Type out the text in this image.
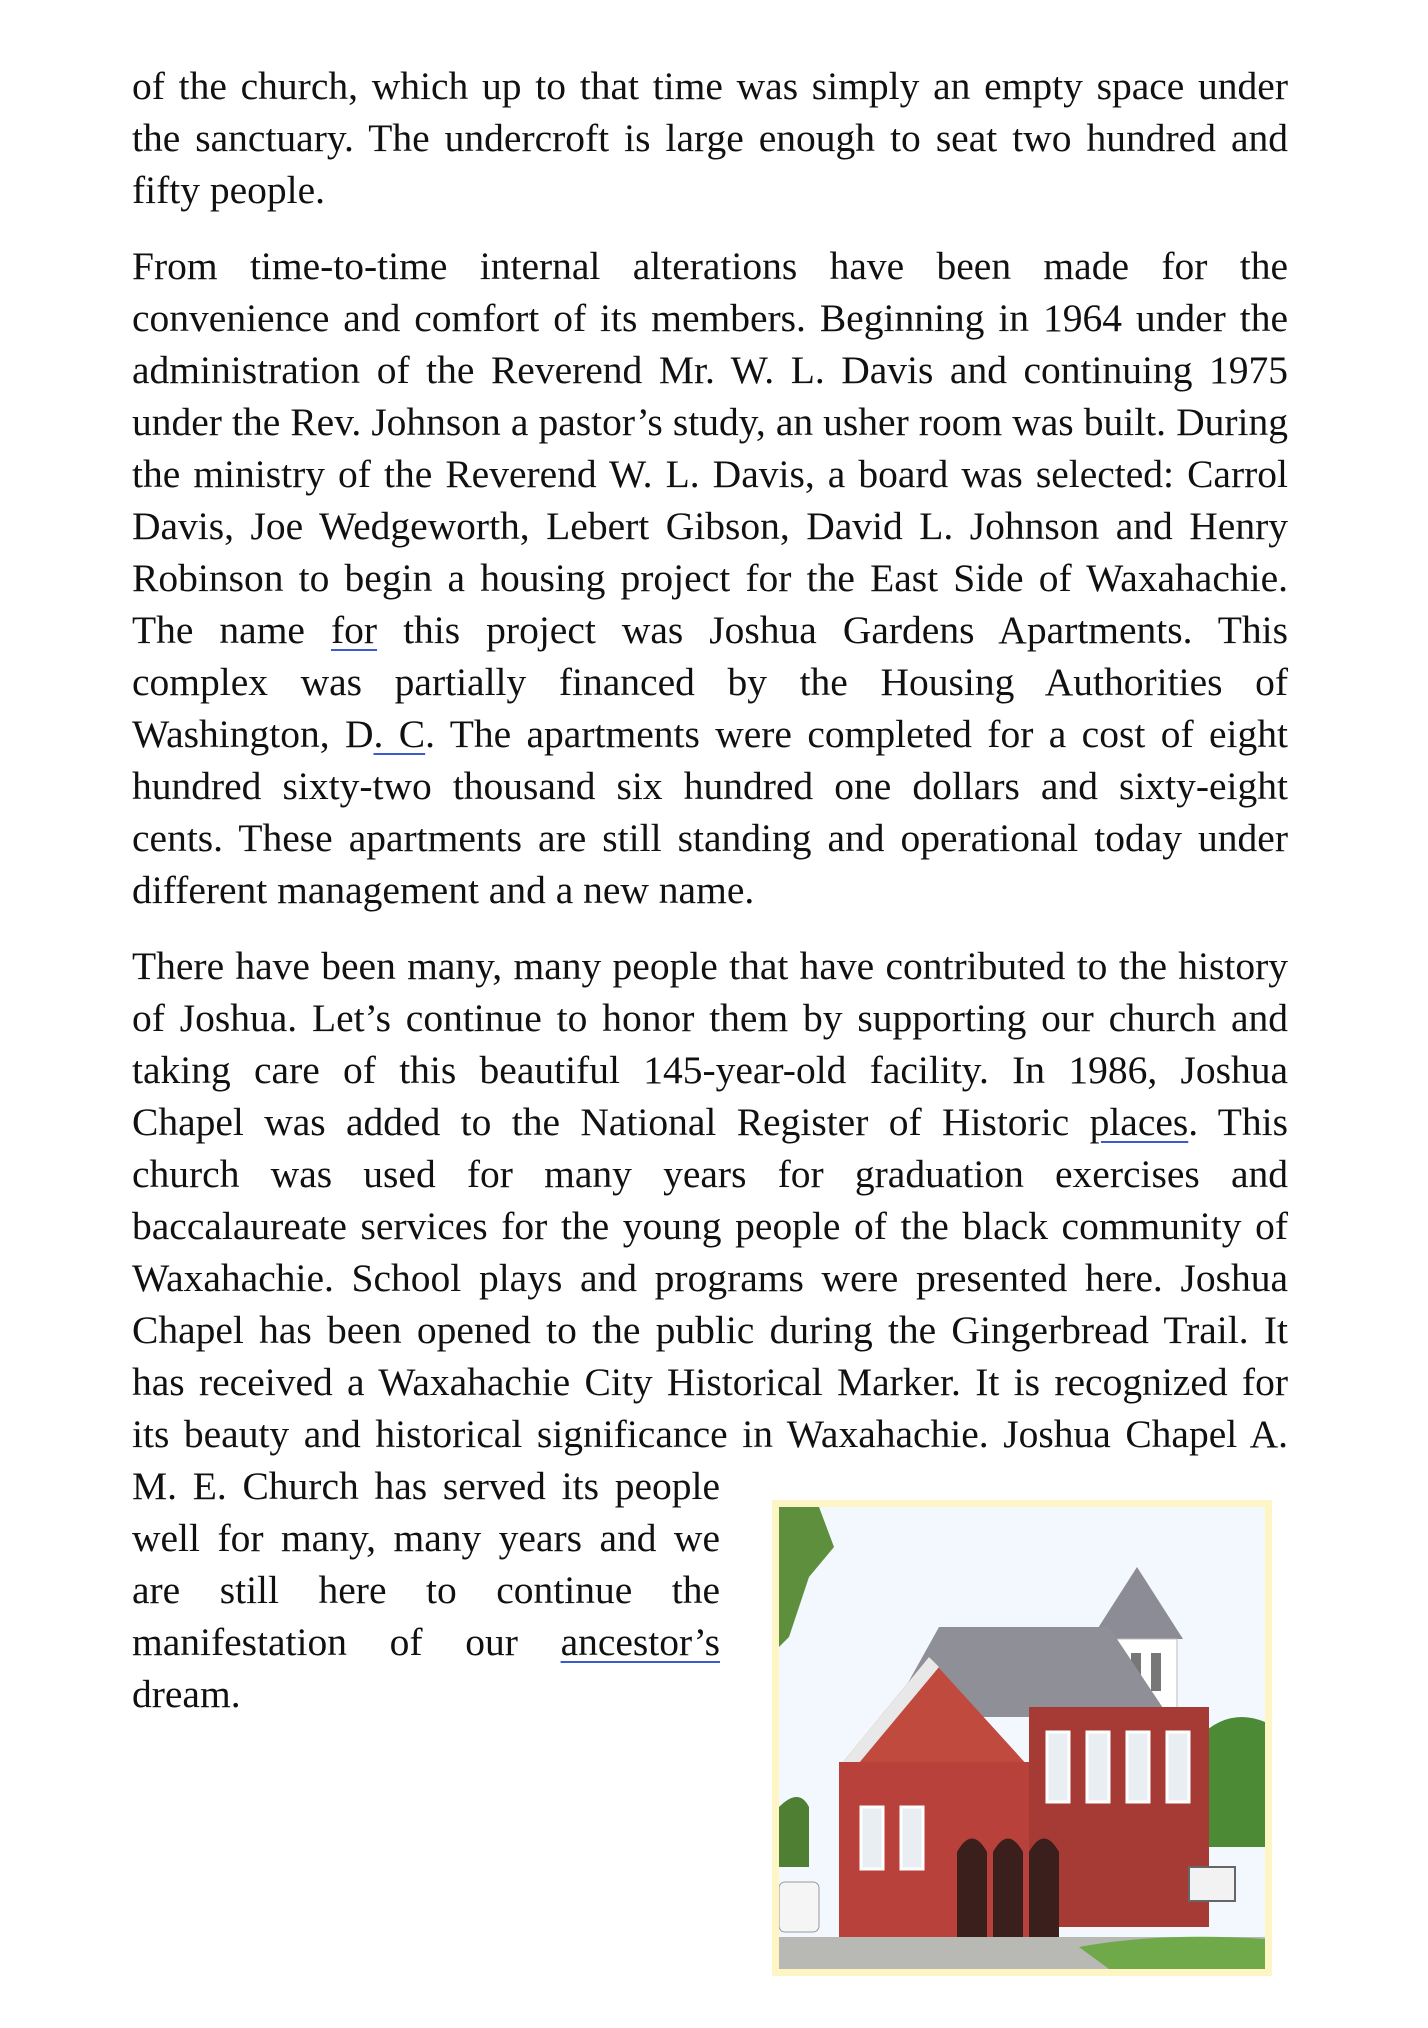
of the church, which up to that time was simply an empty space under the sanctuary. The undercroft is large enough to seat two hundred and fifty people.

From time-to-time internal alterations have been made for the convenience and comfort of its members. Beginning in 1964 under the administration of the Reverend Mr. W. L. Davis and continuing 1975 under the Rev. Johnson a pastor’s study, an usher room was built. During the ministry of the Reverend W. L. Davis, a board was selected: Carrol Davis, Joe Wedgeworth, Lebert Gibson, David L. Johnson and Henry Robinson to begin a housing project for the East Side of Waxahachie. The name for this project was Joshua Gardens Apartments. This complex was partially financed by the Housing Authorities of Washington, D. C. The apartments were completed for a cost of eight hundred sixty-two thousand six hundred one dollars and sixty-eight cents. These apartments are still standing and operational today under different management and a new name.

There have been many, many people that have contributed to the history of Joshua. Let’s continue to honor them by supporting our church and taking care of this beautiful 145-year-old facility. In 1986, Joshua Chapel was added to the National Register of Historic places. This church was used for many years for graduation exercises and baccalaureate services for the young people of the black community of Waxahachie. School plays and programs were presented here. Joshua Chapel has been opened to the public during the Gingerbread Trail. It has received a Waxahachie City Historical Marker. It is recognized for its beauty and historical significance in Waxahachie. Joshua Chapel A. M. E. Church has served its people well for many, many years and we are still here to continue the manifestation of our ancestor’s dream.
